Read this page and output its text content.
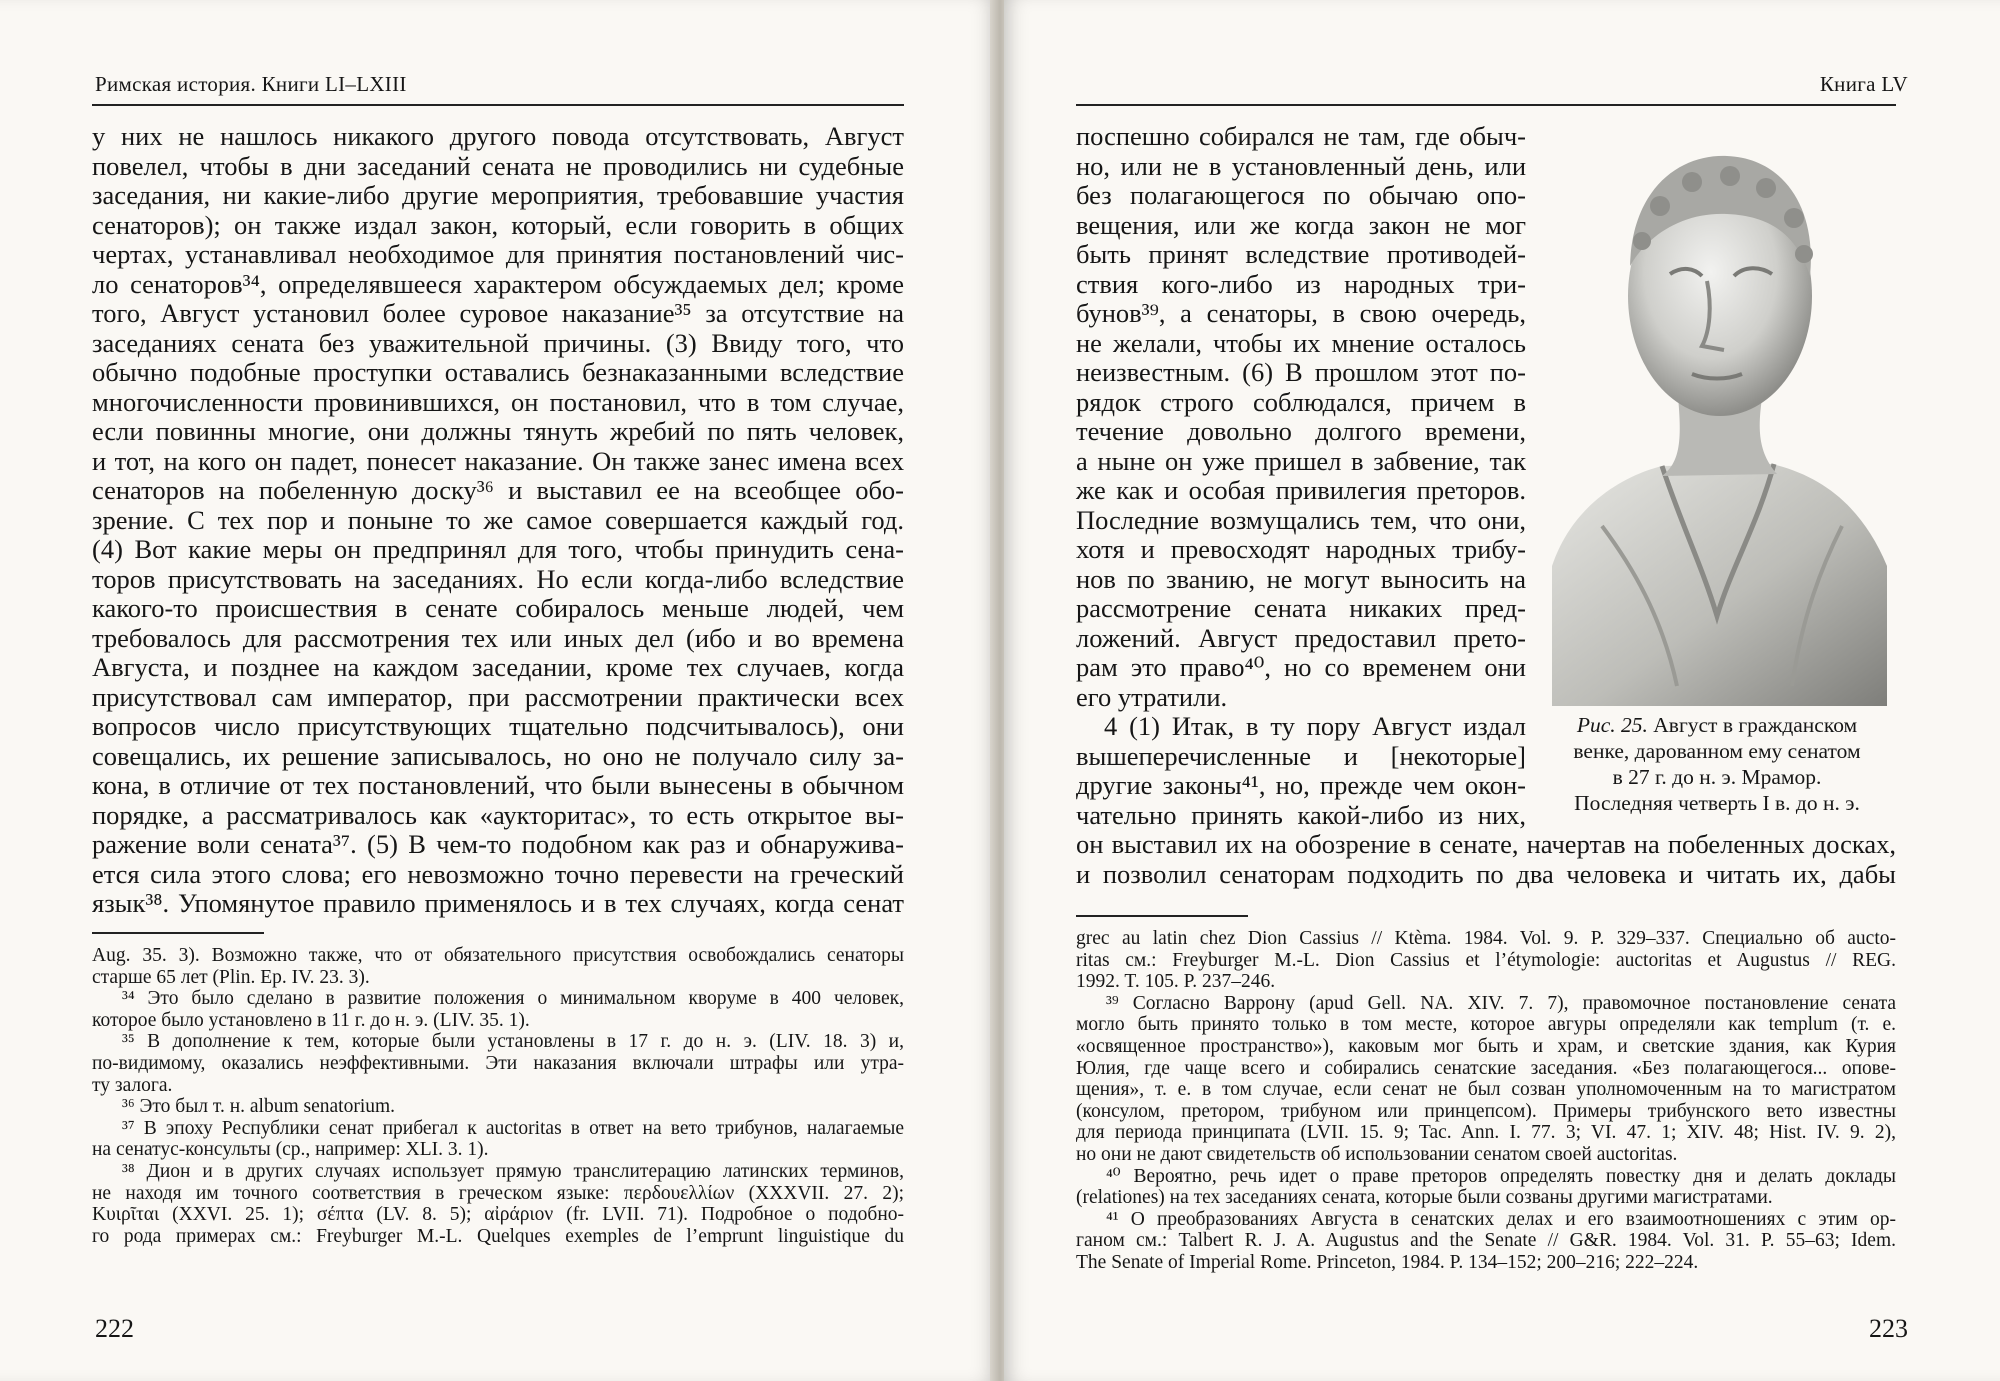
Римская история. Книги LI–LXIII
у них не нашлось никакого другого повода отсутствовать, Август
повелел, чтобы в дни заседаний сената не проводились ни судебные
заседания, ни какие-либо другие мероприятия, требовавшие участия
сенаторов); он также издал закон, который, если говорить в общих
чертах, устанавливал необходимое для принятия постановлений чис-
ло сенаторов³⁴, определявшееся характером обсуждаемых дел; кроме
того, Август установил более суровое наказание³⁵ за отсутствие на
заседаниях сената без уважительной причины. (3) Ввиду того, что
обычно подобные проступки оставались безнаказанными вследствие
многочисленности провинившихся, он постановил, что в том случае,
если повинны многие, они должны тянуть жребий по пять человек,
и тот, на кого он падет, понесет наказание. Он также занес имена всех
сенаторов на побеленную доску³⁶ и выставил ее на всеобщее обо-
зрение. С тех пор и поныне то же самое совершается каждый год.
(4) Вот какие меры он предпринял для того, чтобы принудить сена-
торов присутствовать на заседаниях. Но если когда-либо вследствие
какого-то происшествия в сенате собиралось меньше людей, чем
требовалось для рассмотрения тех или иных дел (ибо и во времена
Августа, и позднее на каждом заседании, кроме тех случаев, когда
присутствовал сам император, при рассмотрении практически всех
вопросов число присутствующих тщательно подсчитывалось), они
совещались, их решение записывалось, но оно не получало силу за-
кона, в отличие от тех постановлений, что были вынесены в обычном
порядке, а рассматривалось как «аукторитас», то есть открытое вы-
ражение воли сената³⁷. (5) В чем-то подобном как раз и обнаружива-
ется сила этого слова; его невозможно точно перевести на греческий
язык³⁸. Упомянутое правило применялось и в тех случаях, когда сенат
Aug. 35. 3). Возможно также, что от обязательного присутствия освобождались сенаторы
старше 65 лет (Plin. Ep. IV. 23. 3).
³⁴ Это было сделано в развитие положения о минимальном кворуме в 400 человек,
которое было установлено в 11 г. до н. э. (LIV. 35. 1).
³⁵ В дополнение к тем, которые были установлены в 17 г. до н. э. (LIV. 18. 3) и,
по-видимому, оказались неэффективными. Эти наказания включали штрафы или утра-
ту залога.
³⁶ Это был т. н. album senatorium.
³⁷ В эпоху Республики сенат прибегал к auctoritas в ответ на вето трибунов, налагаемые
на сенатус-консульты (ср., например: XLI. 3. 1).
³⁸ Дион и в других случаях использует прямую транслитерацию латинских терминов,
не находя им точного соответствия в греческом языке: περδουελλίων (XXXVII. 27. 2);
Κυιρῖται (XXVI. 25. 1); σέπτα (LV. 8. 5); αἰράριον (fr. LVII. 71). Подробное о подобно-
го рода примерах см.: Freyburger M.-L. Quelques exemples de l’emprunt linguistique du
222
Книга LV
поспешно собирался не там, где обыч-
но, или не в установленный день, или
без полагающегося по обычаю опо-
вещения, или же когда закон не мог
быть принят вследствие противодей-
ствия кого-либо из народных три-
бунов³⁹, а сенаторы, в свою очередь,
не желали, чтобы их мнение осталось
неизвестным. (6) В прошлом этот по-
рядок строго соблюдался, причем в
течение довольно долгого времени,
а ныне он уже пришел в забвение, так
же как и особая привилегия преторов.
Последние возмущались тем, что они,
хотя и превосходят народных трибу-
нов по званию, не могут выносить на
рассмотрение сената никаких пред-
ложений. Август предоставил прето-
рам это право⁴⁰, но со временем они
его утратили.
4 (1) Итак, в ту пору Август издал
вышеперечисленные и [некоторые]
другие законы⁴¹, но, прежде чем окон-
чательно принять какой-либо из них,
он выставил их на обозрение в сенате, начертав на побеленных досках,
и позволил сенаторам подходить по два человека и читать их, дабы
Рис. 25. Август в гражданском
венке, дарованном ему сенатом
в 27 г. до н. э. Мрамор.
Последняя четверть I в. до н. э.
grec au latin chez Dion Cassius // Ktèma. 1984. Vol. 9. P. 329–337. Специально об auctо-
ritas см.: Freyburger M.-L. Dion Cassius et l’étymologie: auctoritas et Augustus // REG.
1992. T. 105. P. 237–246.
³⁹ Согласно Варрону (apud Gell. NA. XIV. 7. 7), правомочное постановление сената
могло быть принято только в том месте, которое авгуры определяли как templum (т. е.
«освященное пространство»), каковым мог быть и храм, и светские здания, как Курия
Юлия, где чаще всего и собирались сенатские заседания. «Без полагающегося... опове-
щения», т. е. в том случае, если сенат не был созван уполномоченным на то магистратом
(консулом, претором, трибуном или принцепсом). Примеры трибунского вето известны
для периода принципата (LVII. 15. 9; Tac. Ann. I. 77. 3; VI. 47. 1; XIV. 48; Hist. IV. 9. 2),
но они не дают свидетельств об использовании сенатом своей auctoritas.
⁴⁰ Вероятно, речь идет о праве преторов определять повестку дня и делать доклады
(relationes) на тех заседаниях сената, которые были созваны другими магистратами.
⁴¹ О преобразованиях Августа в сенатских делах и его взаимоотношениях с этим ор-
ганом см.: Talbert R. J. A. Augustus and the Senate // G&R. 1984. Vol. 31. P. 55–63; Idem.
The Senate of Imperial Rome. Princeton, 1984. P. 134–152; 200–216; 222–224.
223
